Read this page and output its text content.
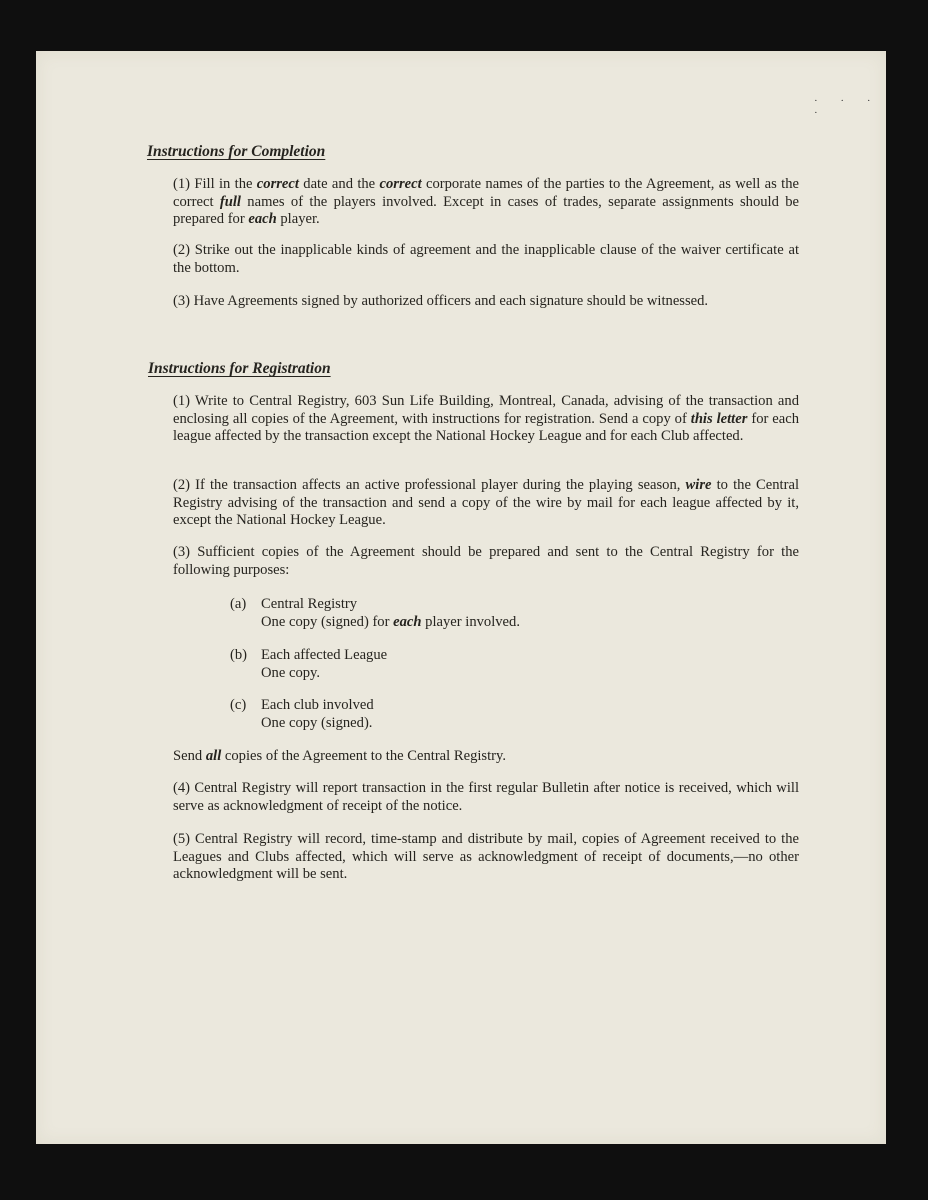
· · · ·
Instructions for Completion
(1) Fill in the correct date and the correct corporate names of the parties to the Agreement, as well as the correct full names of the players involved. Except in cases of trades, separate assignments should be prepared for each player.
(2) Strike out the inapplicable kinds of agreement and the inapplicable clause of the waiver certificate at the bottom.
(3) Have Agreements signed by authorized officers and each signature should be witnessed.
Instructions for Registration
(1) Write to Central Registry, 603 Sun Life Building, Montreal, Canada, advising of the transaction and enclosing all copies of the Agreement, with instructions for registration. Send a copy of this letter for each league affected by the transaction except the National Hockey League and for each Club affected.
(2) If the transaction affects an active professional player during the playing season, wire to the Central Registry advising of the transaction and send a copy of the wire by mail for each league affected by it, except the National Hockey League.
(3) Sufficient copies of the Agreement should be prepared and sent to the Central Registry for the following purposes:
(a) Central Registry
One copy (signed) for each player involved.
(b) Each affected League
One copy.
(c) Each club involved
One copy (signed).
Send all copies of the Agreement to the Central Registry.
(4) Central Registry will report transaction in the first regular Bulletin after notice is received, which will serve as acknowledgment of receipt of the notice.
(5) Central Registry will record, time-stamp and distribute by mail, copies of Agreement received to the Leagues and Clubs affected, which will serve as acknowledgment of receipt of documents,—no other acknowledgment will be sent.
